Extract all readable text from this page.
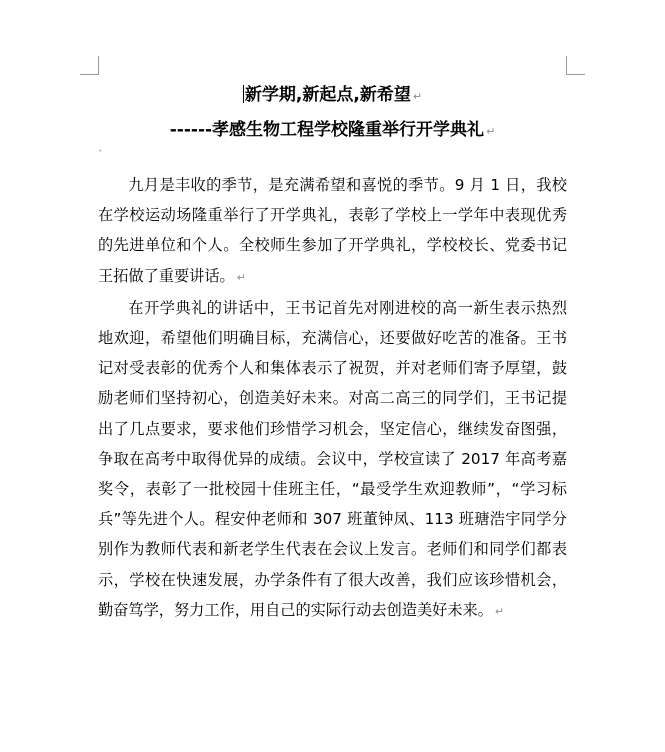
新学期,新起点,新希望 ↵
------孝感生物工程学校隆重举行开学典礼 ↵
ˇ

九月是丰收的季节，是充满希望和喜悦的季节。9 月 1 日，我校在学校运动场隆重举行了开学典礼，表彰了学校上一学年中表现优秀的先进单位和个人。全校师生参加了开学典礼，学校校长、党委书记王拓做了重要讲话。 ↵

在开学典礼的讲话中，王书记首先对刚进校的高一新生表示热烈地欢迎，希望他们明确目标，充满信心，还要做好吃苦的准备。王书记对受表彰的优秀个人和集体表示了祝贺，并对老师们寄予厚望，鼓励老师们坚持初心，创造美好未来。对高二高三的同学们，王书记提出了几点要求，要求他们珍惜学习机会，坚定信心，继续发奋图强，争取在高考中取得优异的成绩。会议中，学校宣读了 2017 年高考嘉奖令，表彰了一批校园十佳班主任，“最受学生欢迎教师”，“学习标兵”等先进个人。程安仲老师和 307 班董钟凤、113 班瑭浩宇同学分别作为教师代表和新老学生代表在会议上发言。老师们和同学们都表示，学校在快速发展，办学条件有了很大改善，我们应该珍惜机会，勤奋笃学，努力工作，用自己的实际行动去创造美好未来。 ↵
